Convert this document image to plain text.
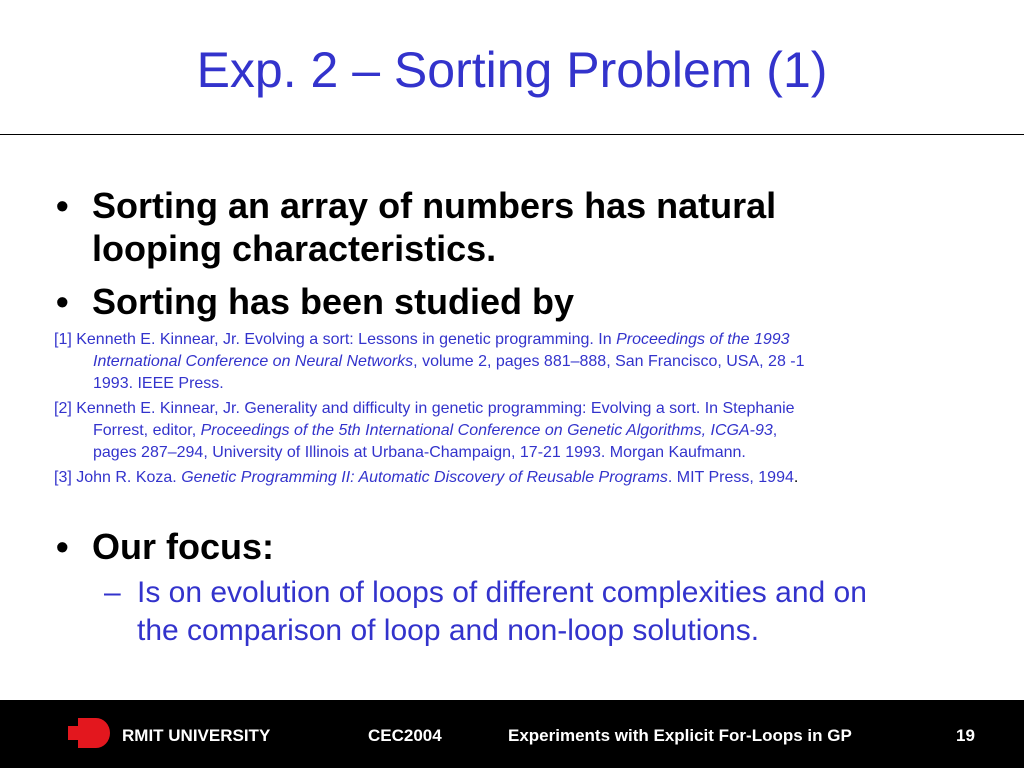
Exp. 2 – Sorting Problem (1)
• Sorting an array of numbers has natural
looping characteristics.
• Sorting has been studied by
[1] Kenneth E. Kinnear, Jr. Evolving a sort: Lessons in genetic programming. In Proceedings of the 1993
International Conference on Neural Networks, volume 2, pages 881–888, San Francisco, USA, 28 -1
1993. IEEE Press.
[2] Kenneth E. Kinnear, Jr. Generality and difficulty in genetic programming: Evolving a sort. In Stephanie
Forrest, editor, Proceedings of the 5th International Conference on Genetic Algorithms, ICGA-93,
pages 287–294, University of Illinois at Urbana-Champaign, 17-21 1993. Morgan Kaufmann.
[3] John R. Koza. Genetic Programming II: Automatic Discovery of Reusable Programs. MIT Press, 1994.
• Our focus:
– Is on evolution of loops of different complexities and on
the comparison of loop and non-loop solutions.
RMIT UNIVERSITY	CEC2004	Experiments with Explicit For-Loops in GP	19
